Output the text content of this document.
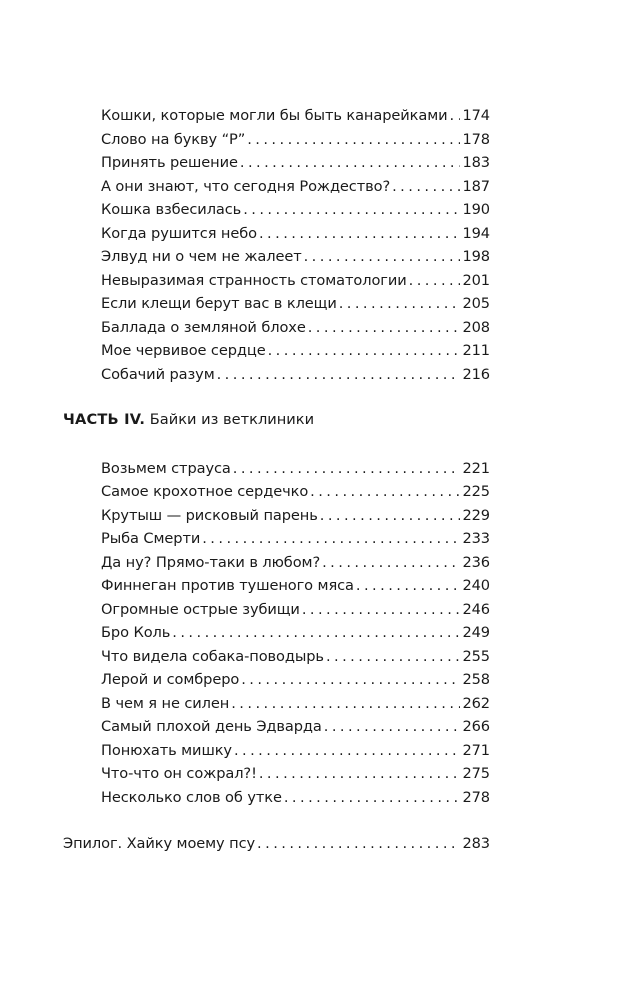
Кошки, которые могли бы быть канарейками . . . 174
Слово на букву “Р” . . .	178
Принять решение . . .	183
А они знают, что сегодня Рождество? . . .	187
Кошка взбесилась . . .	190
Когда рушится небо . . .	194
Элвуд ни о чем не жалеет . . .	198
Невыразимая странность стоматологии . . .	201
Если клещи берут вас в клещи . . .	205
Баллада о земляной блохе . . .	208
Мое червивое сердце . . .	211
Собачий разум . . .	216
ЧАСТЬ IV. Байки из ветклиники
Возьмем страуса . . .	221
Самое крохотное сердечко . . .	225
Крутыш — рисковый парень . . .	229
Рыба Смерти . . .	233
Да ну? Прямо-таки в любом? . . .	236
Финнеган против тушеного мяса . . .	240
Огромные острые зубищи . . .	246
Бро Коль . . .	249
Что видела собака-поводырь . . .	255
Лерой и сомбреро . . .	258
В чем я не силен . . .	262
Самый плохой день Эдварда . . .	266
Понюхать мишку . . .	271
Что-что он сожрал?! . . .	275
Несколько слов об утке . . .	278
Эпилог. Хайку моему псу . . .	283
